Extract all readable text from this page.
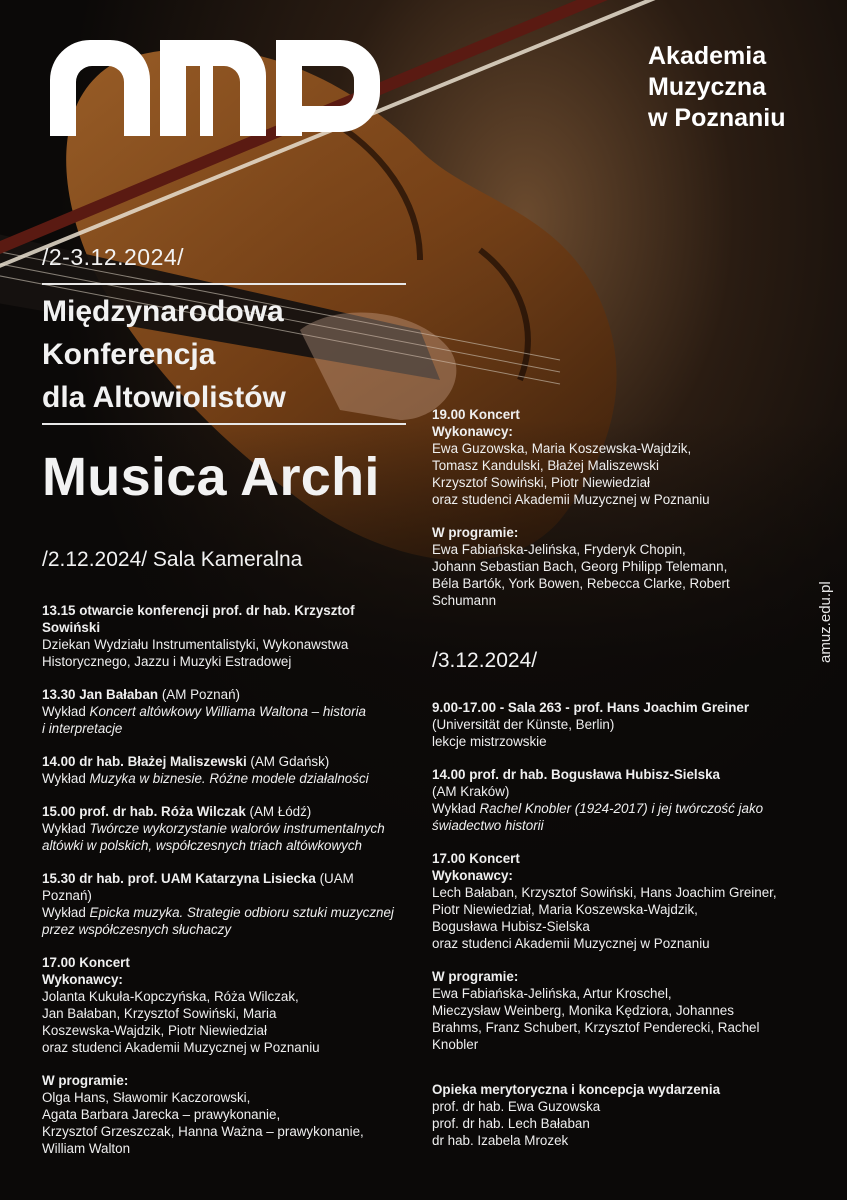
Akademia
Muzyczna
w Poznaniu
/2-3.12.2024/
Międzynarodowa
Konferencja
dla Altowiolistów
Musica Archi
/2.12.2024/ Sala Kameralna
13.15 otwarcie konferencji prof. dr hab. Krzysztof
Sowiński
Dziekan Wydziału Instrumentalistyki, Wykonawstwa
Historycznego, Jazzu i Muzyki Estradowej
13.30 Jan Bałaban (AM Poznań)
Wykład Koncert altówkowy Williama Waltona – historia
i interpretacje
14.00 dr hab. Błażej Maliszewski (AM Gdańsk)
Wykład Muzyka w biznesie. Różne modele działalności
15.00 prof. dr hab. Róża Wilczak (AM Łódź)
Wykład Twórcze wykorzystanie walorów instrumentalnych
altówki w polskich, współczesnych triach altówkowych
15.30 dr hab. prof. UAM Katarzyna Lisiecka (UAM
Poznań)
Wykład Epicka muzyka. Strategie odbioru sztuki muzycznej
przez współczesnych słuchaczy
17.00 Koncert
Wykonawcy:
Jolanta Kukuła-Kopczyńska, Róża Wilczak,
Jan Bałaban, Krzysztof Sowiński, Maria
Koszewska-Wajdzik, Piotr Niewiedział
oraz studenci Akademii Muzycznej w Poznaniu
W programie:
Olga Hans, Sławomir Kaczorowski,
Agata Barbara Jarecka – prawykonanie,
Krzysztof Grzeszczak, Hanna Ważna – prawykonanie,
William Walton
19.00 Koncert
Wykonawcy:
Ewa Guzowska, Maria Koszewska-Wajdzik,
Tomasz Kandulski, Błażej Maliszewski
Krzysztof Sowiński, Piotr Niewiedział
oraz studenci Akademii Muzycznej w Poznaniu
W programie:
Ewa Fabiańska-Jelińska, Fryderyk Chopin,
Johann Sebastian Bach, Georg Philipp Telemann,
Béla Bartók, York Bowen, Rebecca Clarke, Robert
Schumann
/3.12.2024/
9.00-17.00 - Sala 263 - prof. Hans Joachim Greiner
(Universität der Künste, Berlin)
lekcje mistrzowskie
14.00 prof. dr hab. Bogusława Hubisz-Sielska
(AM Kraków)
Wykład Rachel Knobler (1924-2017) i jej twórczość jako
świadectwo historii
17.00 Koncert
Wykonawcy:
Lech Bałaban, Krzysztof Sowiński, Hans Joachim Greiner,
Piotr Niewiedział, Maria Koszewska-Wajdzik,
Bogusława Hubisz-Sielska
oraz studenci Akademii Muzycznej w Poznaniu
W programie:
Ewa Fabiańska-Jelińska, Artur Kroschel,
Mieczysław Weinberg, Monika Kędziora, Johannes
Brahms, Franz Schubert, Krzysztof Penderecki, Rachel
Knobler
Opieka merytoryczna i koncepcja wydarzenia
prof. dr hab. Ewa Guzowska
prof. dr hab. Lech Bałaban
dr hab. Izabela Mrozek
amuz.edu.pl
